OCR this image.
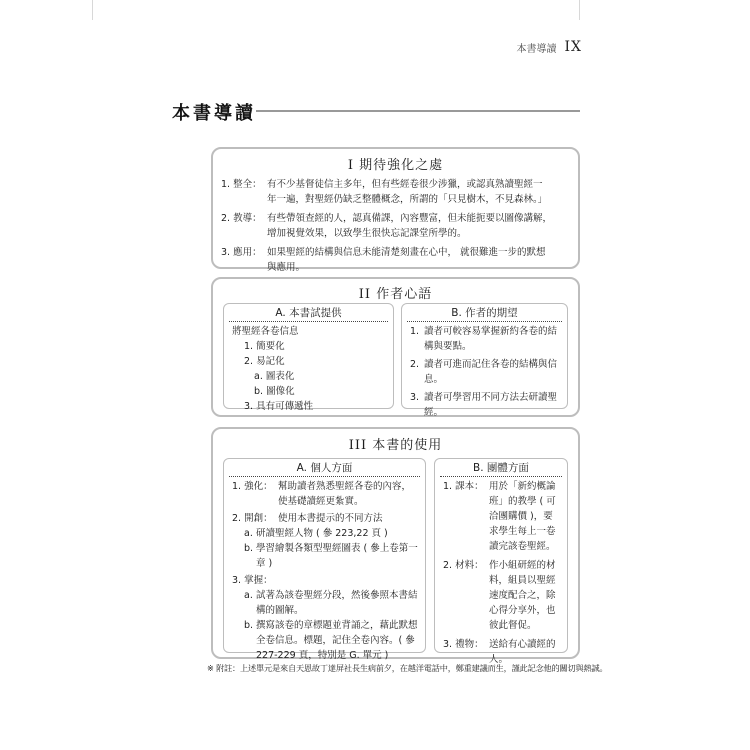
本書導讀 IX
本書導讀
I 期待強化之處
1. 整全： 有不少基督徒信主多年，但有些經卷很少涉獵，或認真熟讀聖經一
年一遍，對聖經仍缺乏整體概念，所謂的「只見樹木，不見森林。」
2. 教導： 有些帶領查經的人，認真備課，內容豐富，但未能扼要以圖像講解，
增加視覺效果，以致學生很快忘記課堂所學的。
3. 應用： 如果聖經的結構與信息未能清楚刻畫在心中， 就很難進一步的默想
與應用。
II 作者心語
A. 本書試提供
將聖經各卷信息
1. 簡要化
2. 易記化
a. 圖表化
b. 圖像化
3. 具有可傳遞性
B. 作者的期望
1. 讀者可較容易掌握新約各卷的結構與要點。
2. 讀者可進而記住各卷的結構與信息。
3. 讀者可學習用不同方法去研讀聖經。
III 本書的使用
A. 個人方面
1. 強化： 幫助讀者熟悉聖經各卷的內容，
使基礎讀經更紮實。
2. 開創： 使用本書提示的不同方法
a. 研讀聖經人物 ( 參 223,22 頁 )
b. 學習繪製各類型聖經圖表 ( 參上卷第一章 )
3. 掌握：
a. 試著為該卷聖經分段，然後參照本書結構的圖解。
b. 撰寫該卷的章標題並背誦之，藉此默想全卷信息。標題，記住全卷內容。( 參 227-229 頁，特別是 G. 單元 )
B. 團體方面
1. 課本： 用於「新約概論班」的教學 ( 可洽團購價 )，要求學生每上一卷讀完該卷聖經。
2. 材料： 作小組研經的材料，組員以聖經速度配合之，除心得分享外，也彼此督促。
3. 禮物： 送給有心讀經的人。
※ 附註：上述單元是來自天恩故丁達屏社長生病前夕，在越洋電話中，鄭重建議而生，謹此記念他的關切與熱誠。
